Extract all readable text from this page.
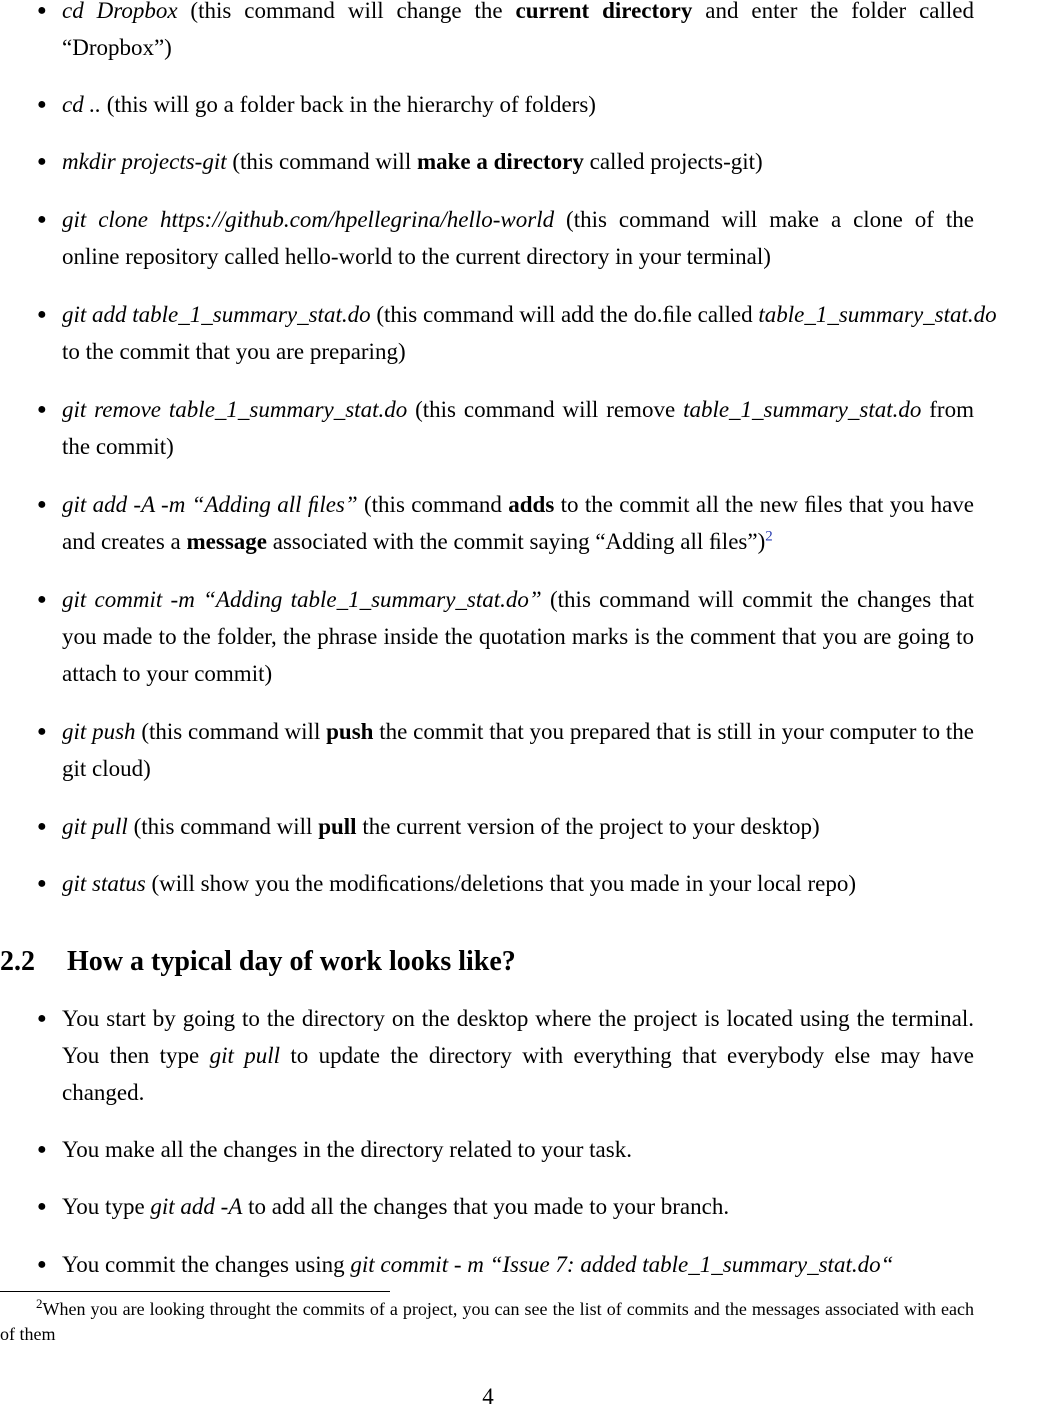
● cd Dropbox (this command will change the current directory and enter the folder called “Dropbox”)
● cd .. (this will go a folder back in the hierarchy of folders)
● mkdir projects-git (this command will make a directory called projects-git)
● git clone https://github.com/hpellegrina/hello-world (this command will make a clone of the online repository called hello-world to the current directory in your terminal)
● git add table_1_summary_stat.do (this command will add the do.ﬁle called table_1_summary_stat.do
to the commit that you are preparing)
● git remove table_1_summary_stat.do (this command will remove table_1_summary_stat.do from the commit)
● git add -A -m “Adding all ﬁles” (this command adds to the commit all the new ﬁles that you have and creates a message associated with the commit saying “Adding all ﬁles”)$^2$
● git commit -m “Adding table_1_summary_stat.do” (this command will commit the changes that you made to the folder, the phrase inside the quotation marks is the comment that you are going to attach to your commit)
● git push (this command will push the commit that you prepared that is still in your computer to the git cloud)
● git pull (this command will pull the current version of the project to your desktop)
● git status (will show you the modiﬁcations/deletions that you made in your local repo)
2.2 How a typical day of work looks like?
● You start by going to the directory on the desktop where the project is located using the terminal. You then type git pull to update the directory with everything that everybody else may have changed.
● You make all the changes in the directory related to your task.
● You type git add -A to add all the changes that you made to your branch.
● You commit the changes using git commit - m “Issue 7: added table_1_summary_stat.do“
$^2$When you are looking throught the commits of a project, you can see the list of commits and the messages associated with each of them
4
